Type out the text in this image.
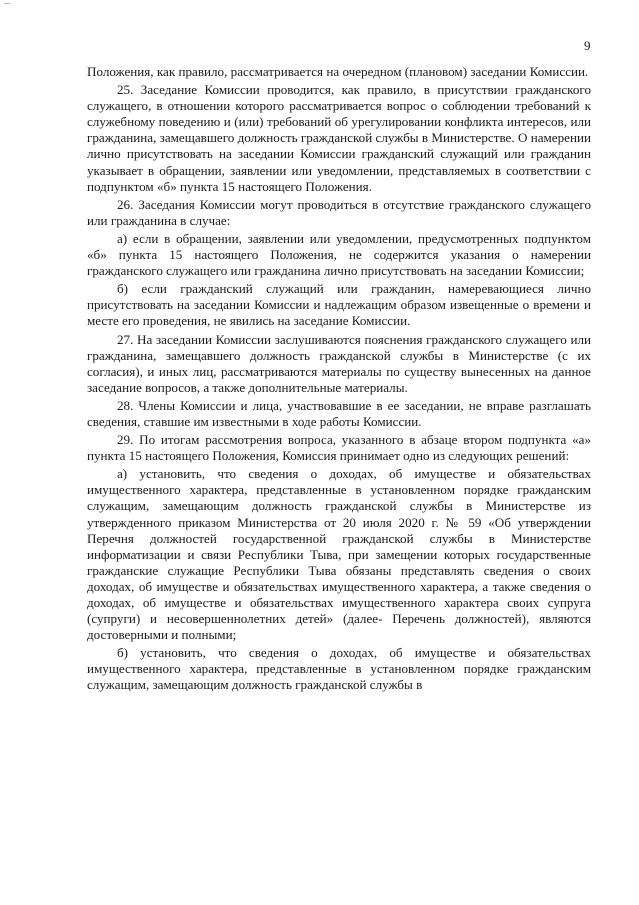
9

Положения, как правило, рассматривается на очередном (плановом) заседании Комиссии.

25. Заседание Комиссии проводится, как правило, в присутствии гражданского служащего, в отношении которого рассматривается вопрос о соблюдении требований к служебному поведению и (или) требований об урегулировании конфликта интересов, или гражданина, замещавшего должность гражданской службы в Министерстве. О намерении лично присутствовать на заседании Комиссии гражданский служащий или гражданин указывает в обращении, заявлении или уведомлении, представляемых в соответствии с подпунктом «б» пункта 15 настоящего Положения.

26. Заседания Комиссии могут проводиться в отсутствие гражданского служащего или гражданина в случае:

а) если в обращении, заявлении или уведомлении, предусмотренных подпунктом «б» пункта 15 настоящего Положения, не содержится указания о намерении гражданского служащего или гражданина лично присутствовать на заседании Комиссии;

б) если гражданский служащий или гражданин, намеревающиеся лично присутствовать на заседании Комиссии и надлежащим образом извещенные о времени и месте его проведения, не явились на заседание Комиссии.

27. На заседании Комиссии заслушиваются пояснения гражданского служащего или гражданина, замещавшего должность гражданской службы в Министерстве (с их согласия), и иных лиц, рассматриваются материалы по существу вынесенных на данное заседание вопросов, а также дополнительные материалы.

28. Члены Комиссии и лица, участвовавшие в ее заседании, не вправе разглашать сведения, ставшие им известными в ходе работы Комиссии.

29. По итогам рассмотрения вопроса, указанного в абзаце втором подпункта «а» пункта 15 настоящего Положения, Комиссия принимает одно из следующих решений:

а) установить, что сведения о доходах, об имуществе и обязательствах имущественного характера, представленные в установленном порядке гражданским служащим, замещающим должность гражданской службы в Министерстве из утвержденного приказом Министерства от 20 июля 2020 г. № 59 «Об утверждении Перечня должностей государственной гражданской службы в Министерстве информатизации и связи Республики Тыва, при замещении которых государственные гражданские служащие Республики Тыва обязаны представлять сведения о своих доходах, об имуществе и обязательствах имущественного характера, а также сведения о доходах, об имуществе и обязательствах имущественного характера своих супруга (супруги) и несовершеннолетних детей» (далее- Перечень должностей), являются достоверными и полными;

б) установить, что сведения о доходах, об имуществе и обязательствах имущественного характера, представленные в установленном порядке гражданским служащим, замещающим должность гражданской службы в
